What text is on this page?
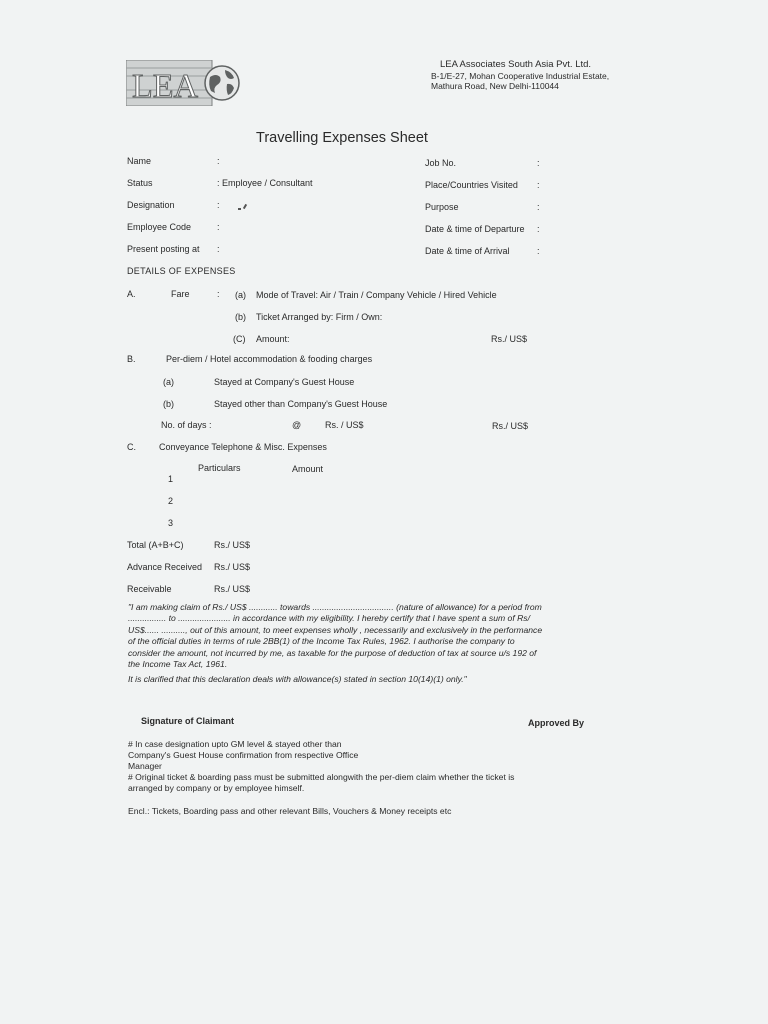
LEA
LEA Associates South Asia Pvt. Ltd.
B-1/E-27, Mohan Cooperative Industrial Estate,
Mathura Road, New Delhi-110044
Travelling Expenses Sheet
Name	:
Status	: Employee / Consultant
Designation	:
Employee Code	:
Present posting at :
Job No.	:
Place/Countries Visited :
Purpose	:
Date & time of Departure :
Date & time of Arrival	:
DETAILS OF EXPENSES
A.	Fare	: (a) Mode of Travel: Air / Train / Company Vehicle / Hired Vehicle
(b) Ticket Arranged by: Firm / Own:
(C) Amount:	Rs./ US$
B.	Per-diem / Hotel accommodation & fooding charges
(a)	Stayed at Company's Guest House
(b)	Stayed other than Company's Guest House
No. of days :	@	Rs. / US$	Rs./ US$
C.	Conveyance Telephone & Misc. Expenses
Particulars	Amount
1
2
3
Total (A+B+C)	Rs./ US$
Advance Received Rs./ US$
Receivable	Rs./ US$
"I am making claim of Rs./ US$ ............ towards .................................. (nature of allowance) for a period from ................ to ...................... in accordance with my eligibility. I hereby certify that I have spent a sum of Rs/ US$...... .........., out of this amount, to meet expenses wholly , necessarily and exclusively in the performance of the official duties in terms of rule 2BB(1) of the Income Tax Rules, 1962. I authorise the company to consider the amount, not incurred by me, as taxable for the purpose of deduction of tax at source u/s 192 of the Income Tax Act, 1961.
It is clarified that this declaration deals with allowance(s) stated in section 10(14)(1) only."
Signature of Claimant	Approved By
# In case designation upto GM level & stayed other than Company's Guest House confirmation from respective Office Manager
# Original ticket & boarding pass must be submitted alongwith the per-diem claim whether the ticket is arranged by company or by employee himself.
Encl.: Tickets, Boarding pass and other relevant Bills, Vouchers & Money receipts etc
